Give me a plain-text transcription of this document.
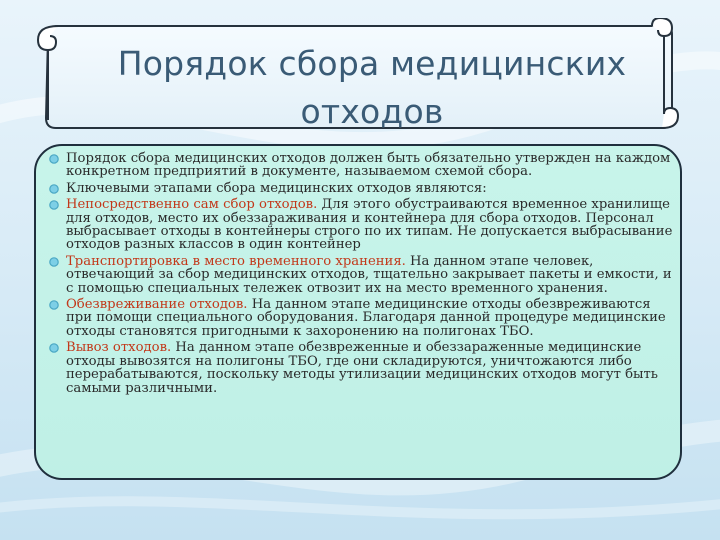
Порядок сбора медицинских отходов
Порядок сбора медицинских отходов должен быть обязательно утвержден на каждом конкретном предприятий в документе, называемом схемой сбора.
Ключевыми этапами сбора медицинских отходов являются:
Непосредственно сам сбор отходов. Для этого обустраиваются временное хранилище для отходов, место их обеззараживания и контейнера для сбора отходов. Персонал выбрасывает отходы в контейнеры строго по их типам. Не допускается выбрасывание отходов разных классов в один контейнер
Транспортировка в место временного хранения. На данном этапе человек, отвечающий за сбор медицинских отходов, тщательно закрывает пакеты и емкости, и с помощью специальных тележек отвозит их на место временного хранения.
Обезвреживание отходов. На данном этапе медицинские отходы обезвреживаются при помощи специального оборудования. Благодаря данной процедуре медицинские отходы становятся пригодными к захоронению на полигонах ТБО.
Вывоз отходов. На данном этапе обезвреженные и обеззараженные медицинские отходы вывозятся на полигоны ТБО, где они складируются, уничтожаются либо перерабатываются, поскольку методы утилизации медицинских отходов могут быть самыми различными.
